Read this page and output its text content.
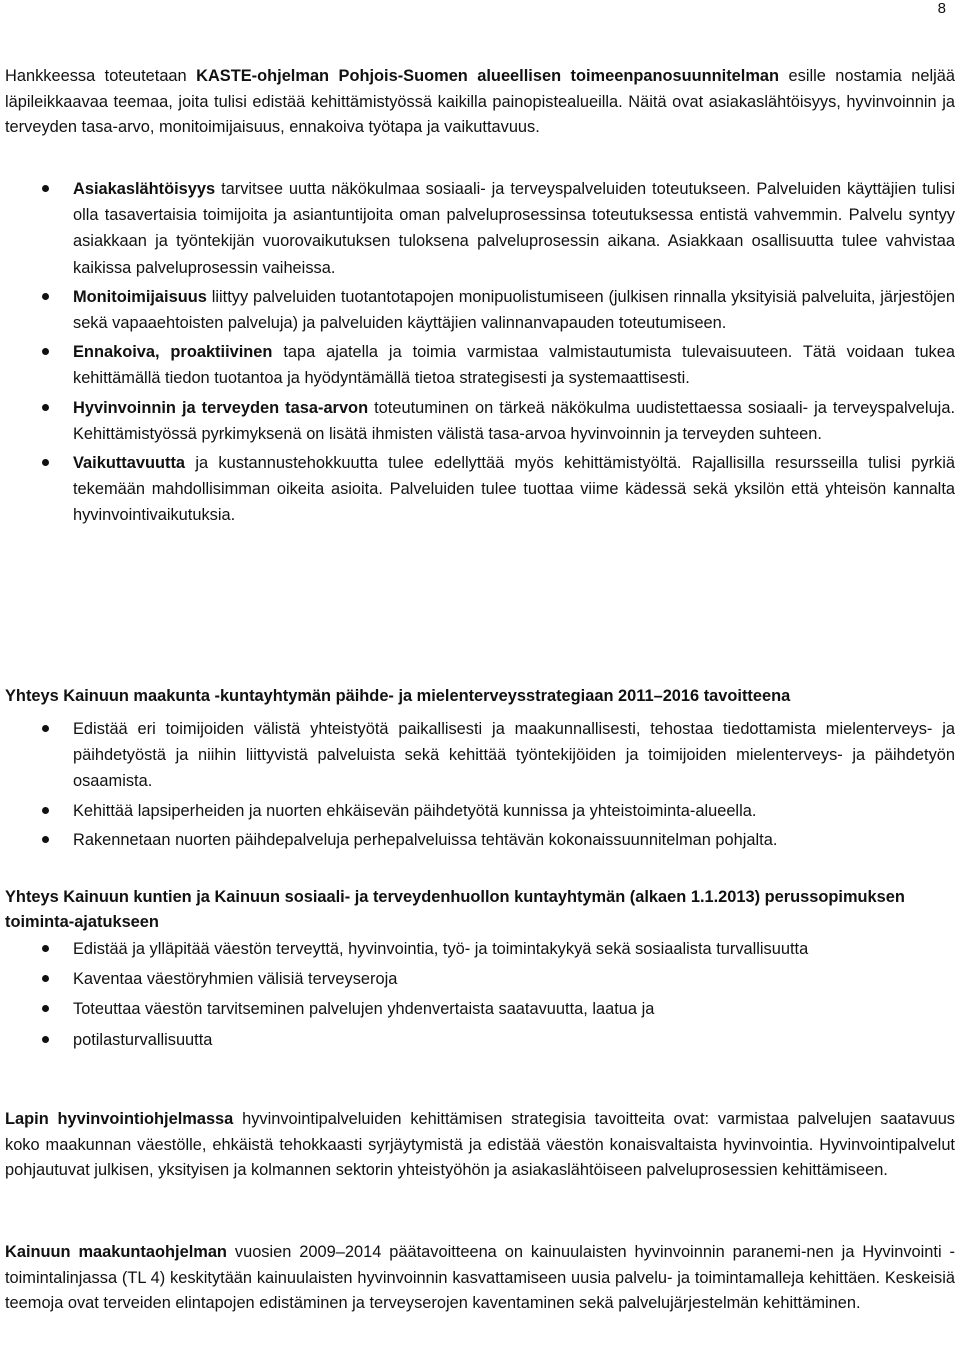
8

Hankkeessa toteutetaan KASTE-ohjelman Pohjois-Suomen alueellisen toimeenpanosuunnitelman esille nostamia neljää läpileikkaavaa teemaa, joita tulisi edistää kehittämistyössä kaikilla painopistealueilla. Näitä ovat asiakaslähtöisyys, hyvinvoinnin ja terveyden tasa-arvo, monitoimijaisuus, ennakoiva työtapa ja vaikuttavuus.

Asiakaslähtöisyys tarvitsee uutta näkökulmaa sosiaali- ja terveyspalveluiden toteutukseen. Palveluiden käyttäjien tulisi olla tasavertaisia toimijoita ja asiantuntijoita oman palveluprosessinsa toteutuksessa entistä vahvemmin. Palvelu syntyy asiakkaan ja työntekijän vuorovaikutuksen tuloksena palveluprosessin aikana. Asiakkaan osallisuutta tulee vahvistaa kaikissa palveluprosessin vaiheissa.
Monitoimijaisuus liittyy palveluiden tuotantotapojen monipuolistumiseen (julkisen rinnalla yksityisiä palveluita, järjestöjen sekä vapaaehtoisten palveluja) ja palveluiden käyttäjien valinnanvapauden toteutumiseen.
Ennakoiva, proaktiivinen tapa ajatella ja toimia varmistaa valmistautumista tulevaisuuteen. Tätä voidaan tukea kehittämällä tiedon tuotantoa ja hyödyntämällä tietoa strategisesti ja systemaattisesti.
Hyvinvoinnin ja terveyden tasa-arvon toteutuminen on tärkeä näkökulma uudistettaessa sosiaali- ja terveyspalveluja. Kehittämistyössä pyrkimyksenä on lisätä ihmisten välistä tasa-arvoa hyvinvoinnin ja terveyden suhteen.
Vaikuttavuutta ja kustannustehokkuutta tulee edellyttää myös kehittämistyöltä. Rajallisilla resursseilla tulisi pyrkiä tekemään mahdollisimman oikeita asioita. Palveluiden tulee tuottaa viime kädessä sekä yksilön että yhteisön kannalta hyvinvointivaikutuksia.

Yhteys Kainuun maakunta -kuntayhtymän päihde- ja mielenterveysstrategiaan 2011–2016 tavoitteena

Edistää eri toimijoiden välistä yhteistyötä paikallisesti ja maakunnallisesti, tehostaa tiedottamista mielenterveys- ja päihdetyöstä ja niihin liittyvistä palveluista sekä kehittää työntekijöiden ja toimijoiden mielenterveys- ja päihdetyön osaamista.
Kehittää lapsiperheiden ja nuorten ehkäisevän päihdetyötä kunnissa ja yhteistoiminta-alueella.
Rakennetaan nuorten päihdepalveluja perhepalveluissa tehtävän kokonaissuunnitelman pohjalta.

Yhteys Kainuun kuntien ja Kainuun sosiaali- ja terveydenhuollon kuntayhtymän (alkaen 1.1.2013) perussopimuksen toiminta-ajatukseen

Edistää ja ylläpitää väestön terveyttä, hyvinvointia, työ- ja toimintakykyä sekä sosiaalista turvallisuutta
Kaventaa väestöryhmien välisiä terveyseroja
Toteuttaa väestön tarvitseminen palvelujen yhdenvertaista saatavuutta, laatua ja
potilasturvallisuutta

Lapin hyvinvointiohjelmassa hyvinvointipalveluiden kehittämisen strategisia tavoitteita ovat: varmistaa palvelujen saatavuus koko maakunnan väestölle, ehkäistä tehokkaasti syrjäytymistä ja edistää väestön konaisvaltaista hyvinvointia. Hyvinvointipalvelut pohjautuvat julkisen, yksityisen ja kolmannen sektorin yhteistyöhön ja asiakaslähtöiseen palveluprosessien kehittämiseen.

Kainuun maakuntaohjelman vuosien 2009–2014 päätavoitteena on kainuulaisten hyvinvoinnin paranemi-nen ja Hyvinvointi -toimintalinjassa (TL 4) keskitytään kainuulaisten hyvinvoinnin kasvattamiseen uusia palvelu- ja toimintamalleja kehittäen. Keskeisiä teemoja ovat terveiden elintapojen edistäminen ja terveyserojen kaventaminen sekä palvelujärjestelmän kehittäminen.
